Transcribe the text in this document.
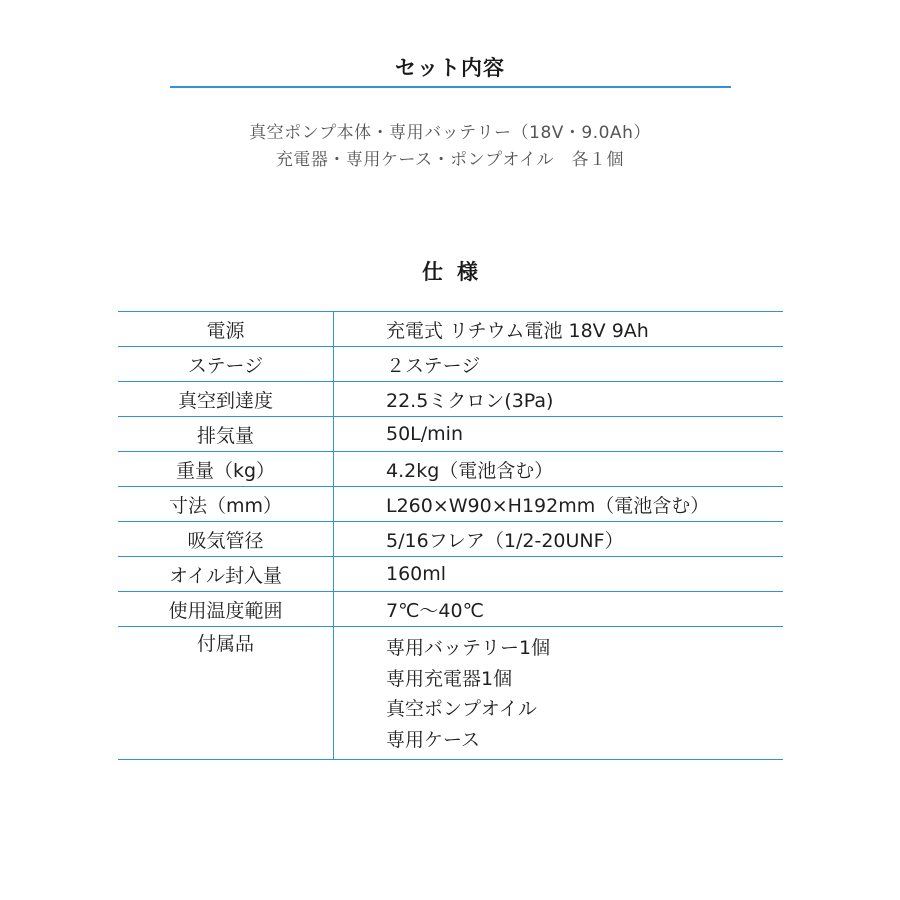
セット内容
真空ポンプ本体・専用バッテリー（18V・9.0Ah）
充電器・専用ケース・ポンプオイル　各１個
仕様
電源	充電式 リチウム電池 18V 9Ah
ステージ	２ステージ
真空到達度	22.5ミクロン(3Pa)
排気量	50L/min
重量（kg）	4.2kg（電池含む）
寸法（mm）	L260×W90×H192mm（電池含む）
吸気管径	5/16フレア（1/2-20UNF）
オイル封入量	160ml
使用温度範囲	7℃～40℃
付属品	専用バッテリー1個
専用充電器1個
真空ポンプオイル
専用ケース
